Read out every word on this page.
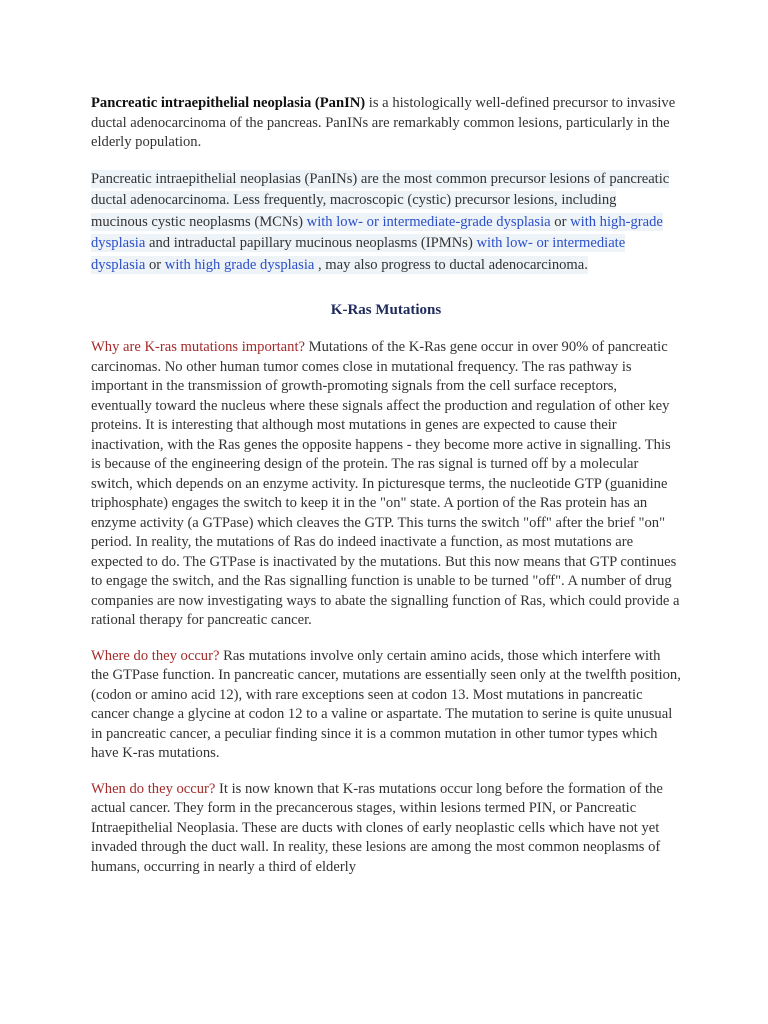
Pancreatic intraepithelial neoplasia (PanIN) is a histologically well-defined precursor to invasive ductal adenocarcinoma of the pancreas. PanINs are remarkably common lesions, particularly in the elderly population.

Pancreatic intraepithelial neoplasias (PanINs) are the most common precursor lesions of pancreatic ductal adenocarcinoma. Less frequently, macroscopic (cystic) precursor lesions, including mucinous cystic neoplasms (MCNs) with low- or intermediate-grade dysplasia or with high-grade dysplasia and intraductal papillary mucinous neoplasms (IPMNs) with low- or intermediate dysplasia or with high grade dysplasia , may also progress to ductal adenocarcinoma.

K-Ras Mutations

Why are K-ras mutations important? Mutations of the K-Ras gene occur in over 90% of pancreatic carcinomas. No other human tumor comes close in mutational frequency. The ras pathway is important in the transmission of growth-promoting signals from the cell surface receptors, eventually toward the nucleus where these signals affect the production and regulation of other key proteins. It is interesting that although most mutations in genes are expected to cause their inactivation, with the Ras genes the opposite happens - they become more active in signalling. This is because of the engineering design of the protein. The ras signal is turned off by a molecular switch, which depends on an enzyme activity. In picturesque terms, the nucleotide GTP (guanidine triphosphate) engages the switch to keep it in the "on" state. A portion of the Ras protein has an enzyme activity (a GTPase) which cleaves the GTP. This turns the switch "off" after the brief "on" period. In reality, the mutations of Ras do indeed inactivate a function, as most mutations are expected to do. The GTPase is inactivated by the mutations. But this now means that GTP continues to engage the switch, and the Ras signalling function is unable to be turned "off". A number of drug companies are now investigating ways to abate the signalling function of Ras, which could provide a rational therapy for pancreatic cancer.

Where do they occur? Ras mutations involve only certain amino acids, those which interfere with the GTPase function. In pancreatic cancer, mutations are essentially seen only at the twelfth position, (codon or amino acid 12), with rare exceptions seen at codon 13. Most mutations in pancreatic cancer change a glycine at codon 12 to a valine or aspartate. The mutation to serine is quite unusual in pancreatic cancer, a peculiar finding since it is a common mutation in other tumor types which have K-ras mutations.

When do they occur? It is now known that K-ras mutations occur long before the formation of the actual cancer. They form in the precancerous stages, within lesions termed PIN, or Pancreatic Intraepithelial Neoplasia. These are ducts with clones of early neoplastic cells which have not yet invaded through the duct wall. In reality, these lesions are among the most common neoplasms of humans, occurring in nearly a third of elderly
